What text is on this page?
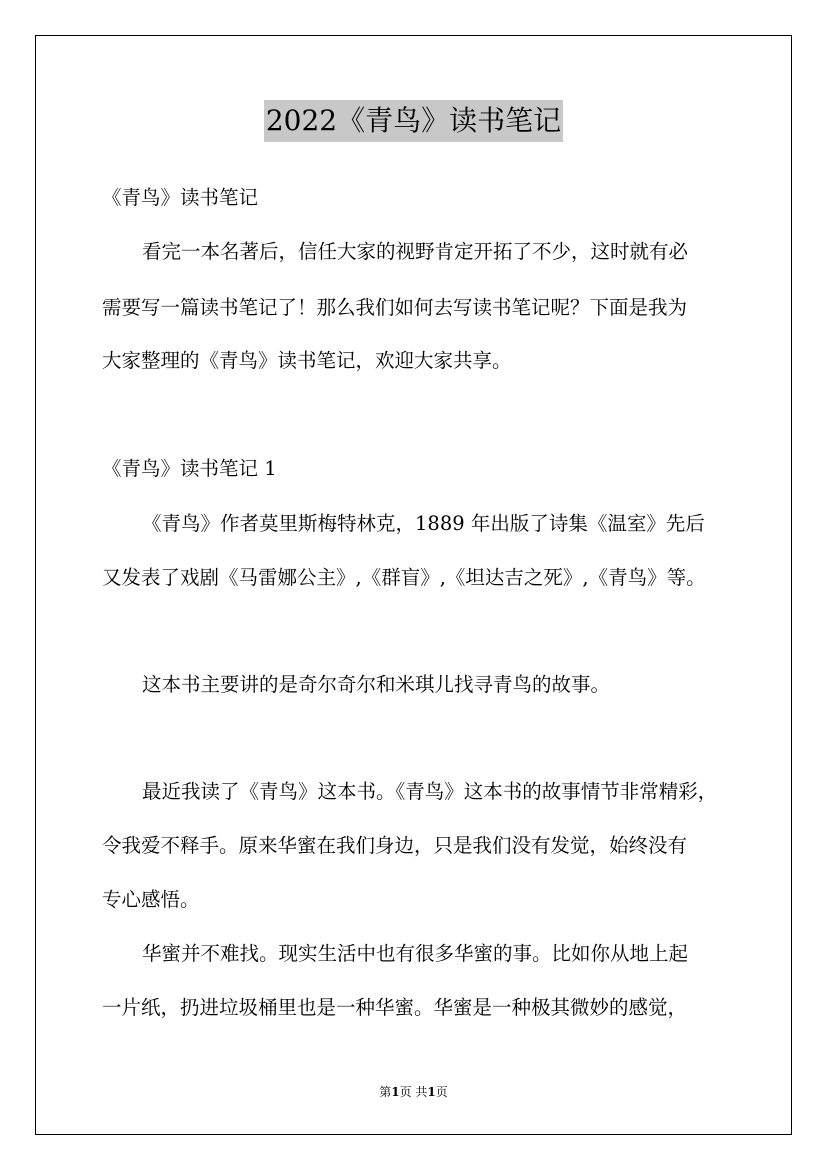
2022《青鸟》读书笔记
《青鸟》读书笔记
看完一本名著后，信任大家的视野肯定开拓了不少，这时就有必
需要写一篇读书笔记了！那么我们如何去写读书笔记呢？下面是我为
大家整理的《青鸟》读书笔记，欢迎大家共享。
《青鸟》读书笔记 1
《青鸟》作者莫里斯梅特林克，1889 年出版了诗集《温室》先后
又发表了戏剧《马雷娜公主》,《群盲》,《坦达吉之死》,《青鸟》等。
这本书主要讲的是奇尔奇尔和米琪儿找寻青鸟的故事。
最近我读了《青鸟》这本书。《青鸟》这本书的故事情节非常精彩，
令我爱不释手。原来华蜜在我们身边，只是我们没有发觉，始终没有
专心感悟。
华蜜并不难找。现实生活中也有很多华蜜的事。比如你从地上起
一片纸，扔进垃圾桶里也是一种华蜜。华蜜是一种极其微妙的感觉，
第1页 共1页
